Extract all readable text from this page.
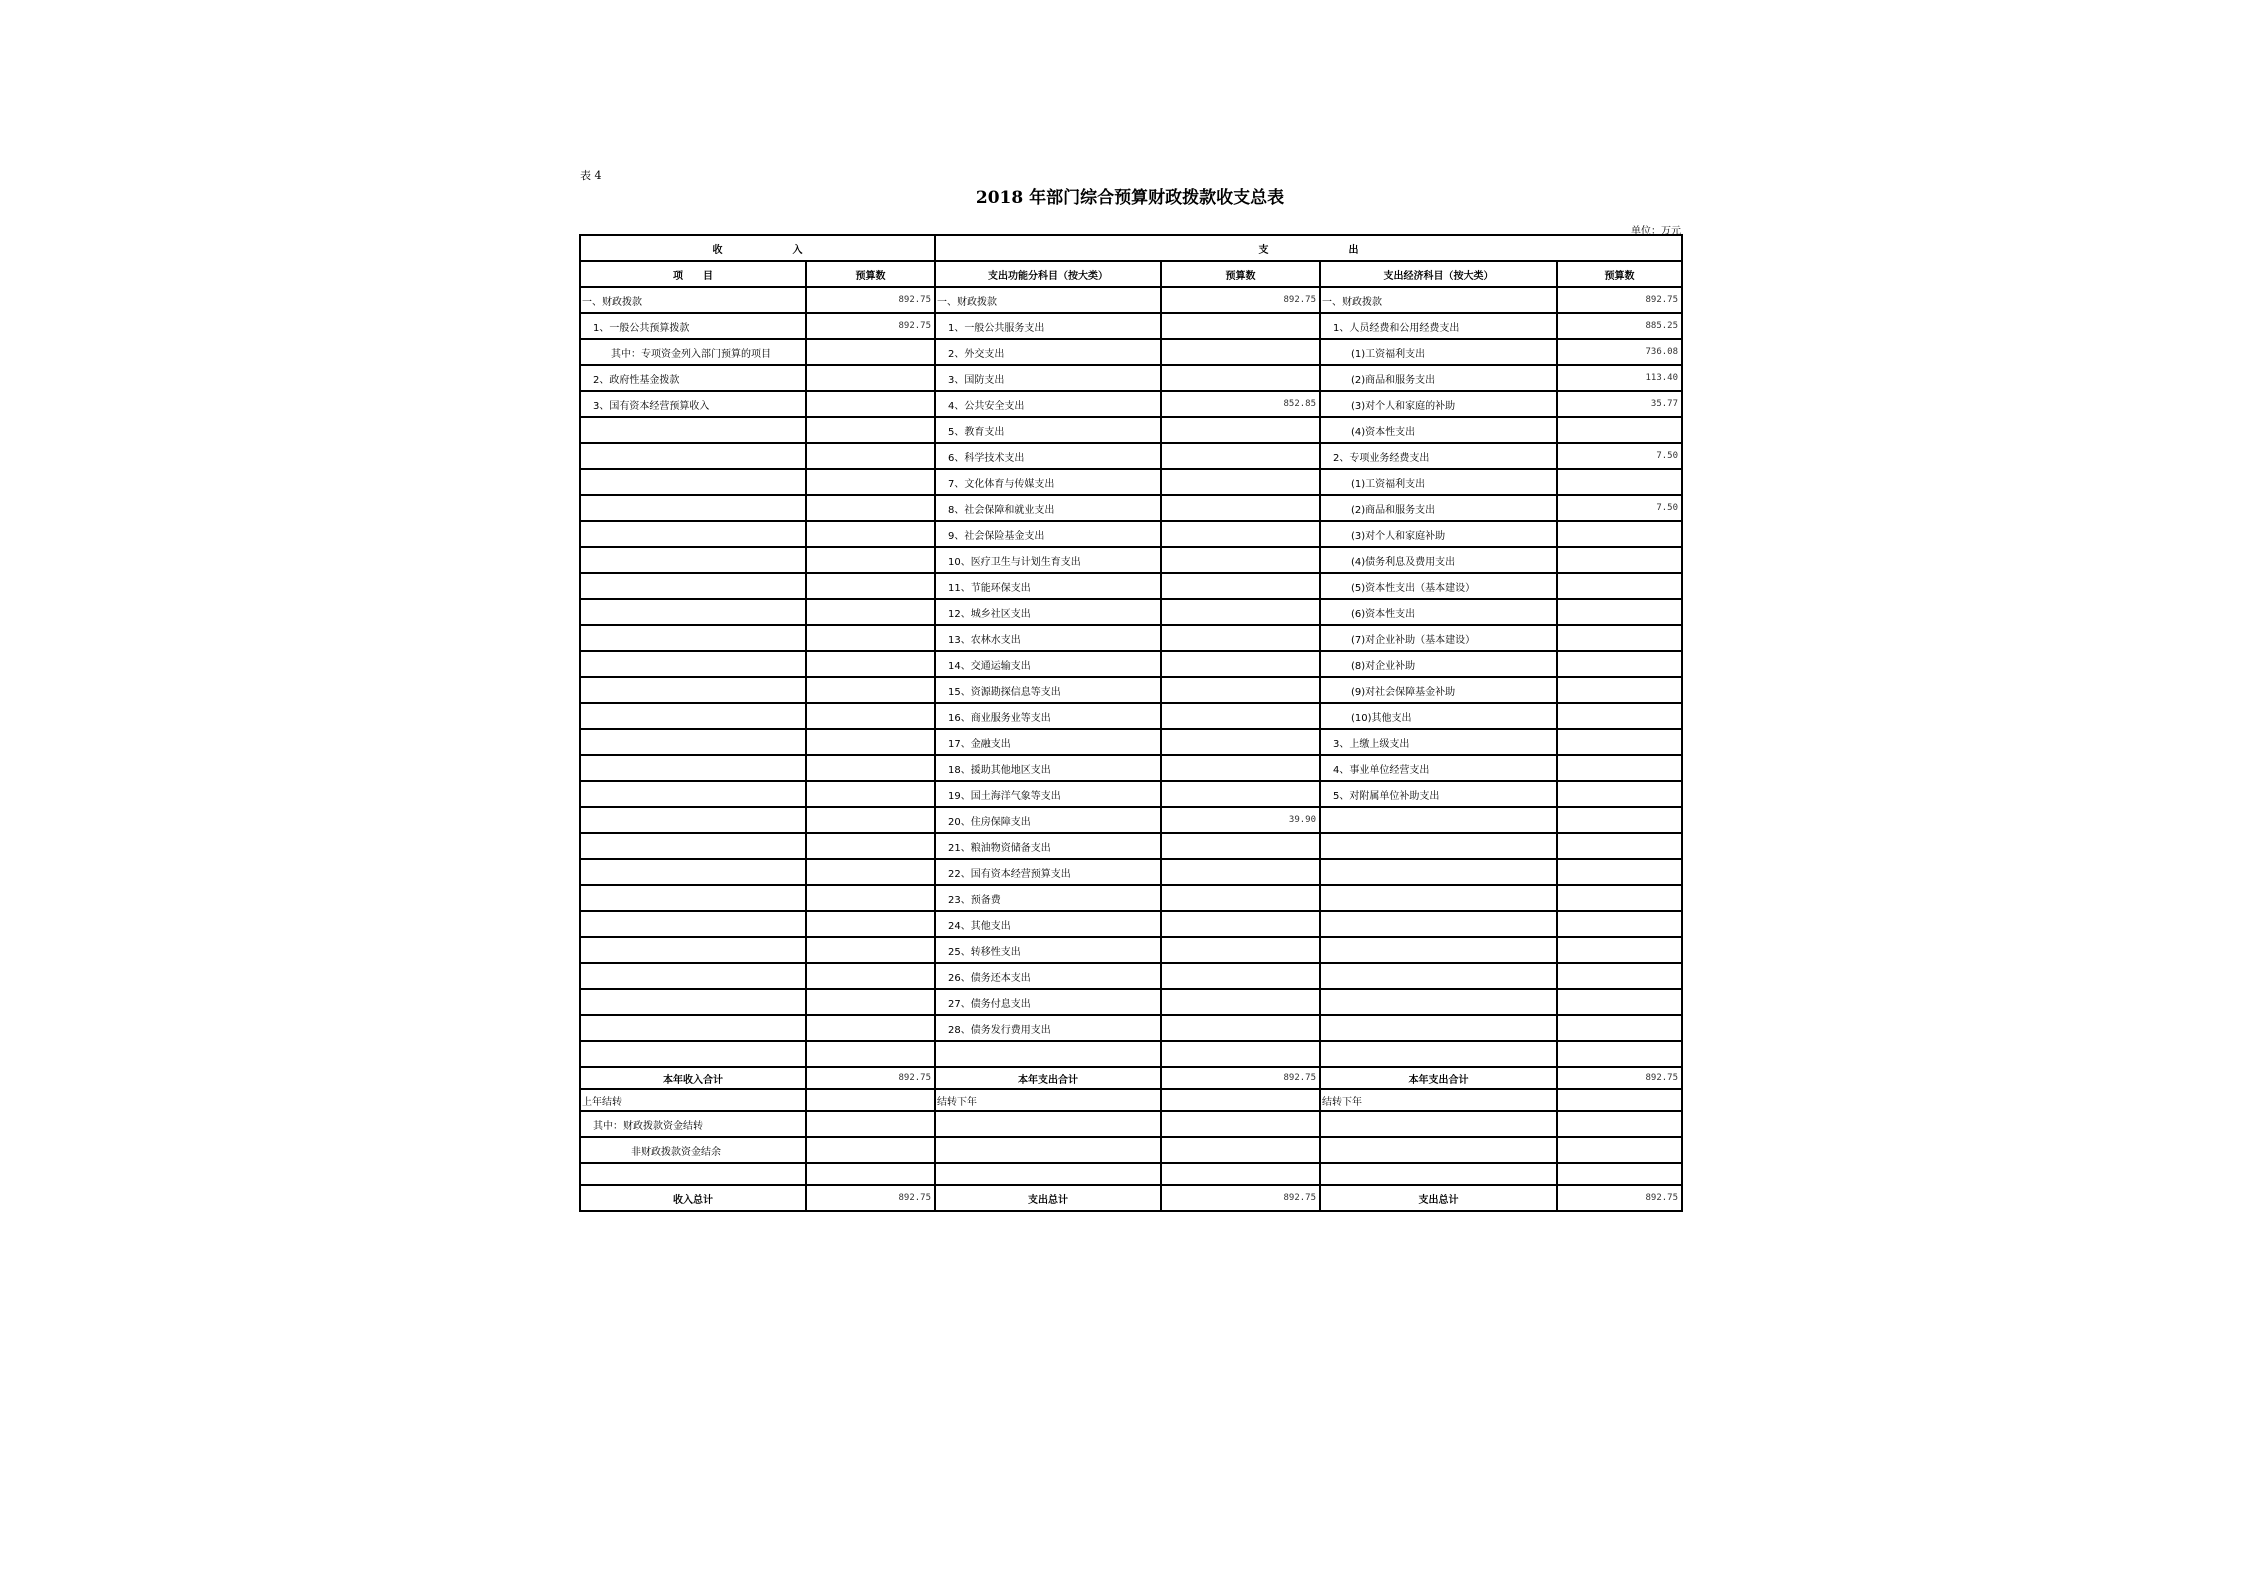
表 4
2018 年部门综合预算财政拨款收支总表
单位：万元
收　　　　　　　入		支　　　　　　　　出			
项　　目	预算数	支出功能分科目（按大类）	预算数	支出经济科目（按大类）	预算数
一、财政拨款	892.75	一、财政拨款	892.75	一、财政拨款	892.75
1、一般公共预算拨款	892.75	1、一般公共服务支出		1、人员经费和公用经费支出	885.25
其中：专项资金列入部门预算的项目		2、外交支出		(1)工资福利支出	736.08
2、政府性基金拨款		3、国防支出		(2)商品和服务支出	113.40
3、国有资本经营预算收入		4、公共安全支出	852.85	(3)对个人和家庭的补助	35.77
		5、教育支出		(4)资本性支出	
		6、科学技术支出		2、专项业务经费支出	7.50
		7、文化体育与传媒支出		(1)工资福利支出	
		8、社会保障和就业支出		(2)商品和服务支出	7.50
		9、社会保险基金支出		(3)对个人和家庭补助	
		10、医疗卫生与计划生育支出		(4)债务利息及费用支出	
		11、节能环保支出		(5)资本性支出（基本建设）	
		12、城乡社区支出		(6)资本性支出	
		13、农林水支出		(7)对企业补助（基本建设）	
		14、交通运输支出		(8)对企业补助	
		15、资源勘探信息等支出		(9)对社会保障基金补助	
		16、商业服务业等支出		(10)其他支出	
		17、金融支出		3、上缴上级支出	
		18、援助其他地区支出		4、事业单位经营支出	
		19、国土海洋气象等支出		5、对附属单位补助支出	
		20、住房保障支出	39.90		
		21、粮油物资储备支出			
		22、国有资本经营预算支出			
		23、预备费			
		24、其他支出			
		25、转移性支出			
		26、债务还本支出			
		27、债务付息支出			
		28、债务发行费用支出			

本年收入合计	892.75	本年支出合计	892.75	本年支出合计	892.75
上年结转		结转下年		结转下年	
其中：财政拨款资金结转					
非财政拨款资金结余					

收入总计	892.75	支出总计	892.75	支出总计	892.75
